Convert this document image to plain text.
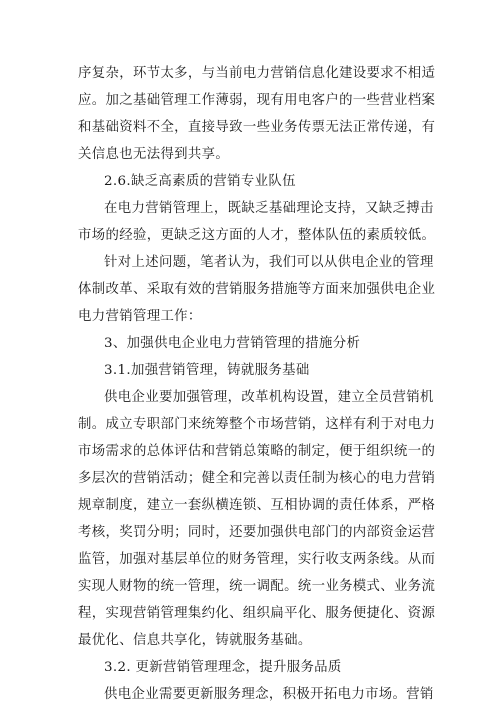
序复杂，环节太多，与当前电力营销信息化建设要求不相适
应。加之基础管理工作薄弱，现有用电客户的一些营业档案
和基础资料不全，直接导致一些业务传票无法正常传递，有
关信息也无法得到共享。
2.6.缺乏高素质的营销专业队伍
在电力营销管理上，既缺乏基础理论支持，又缺乏搏击
市场的经验，更缺乏这方面的人才，整体队伍的素质较低。
针对上述问题，笔者认为，我们可以从供电企业的管理
体制改革、采取有效的营销服务措施等方面来加强供电企业
电力营销管理工作：
3、加强供电企业电力营销管理的措施分析
3.1.加强营销管理，铸就服务基础
供电企业要加强管理，改革机构设置，建立全员营销机
制。成立专职部门来统筹整个市场营销，这样有利于对电力
市场需求的总体评估和营销总策略的制定，便于组织统一的
多层次的营销活动；健全和完善以责任制为核心的电力营销
规章制度，建立一套纵横连锁、互相协调的责任体系，严格
考核，奖罚分明；同时，还要加强供电部门的内部资金运营
监管，加强对基层单位的财务管理，实行收支两条线。从而
实现人财物的统一管理，统一调配。统一业务模式、业务流
程，实现营销管理集约化、组织扁平化、服务便捷化、资源
最优化、信息共享化，铸就服务基础。
3.2. 更新营销管理理念，提升服务品质
供电企业需要更新服务理念，积极开拓电力市场。营销
